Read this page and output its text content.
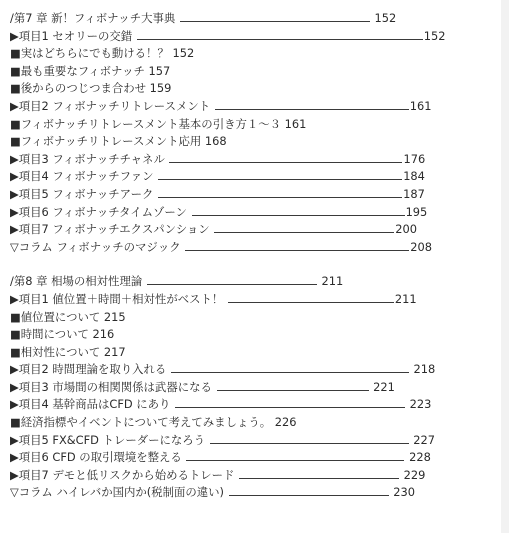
/第7 章 新！フィボナッチ大事典	152
▶項目1 セオリーの交錯	152
■実はどちらにでも動ける！？ 152
■最も重要なフィボナッチ 157
■後からのつじつま合わせ 159
▶項目2 フィボナッチリトレースメント	161
■フィボナッチリトレースメント基本の引き方１～３ 161
■フィボナッチリトレースメント応用 168
▶項目3 フィボナッチチャネル	176
▶項目4 フィボナッチファン	184
▶項目5 フィボナッチアーク	187
▶項目6 フィボナッチタイムゾーン	195
▶項目7 フィボナッチエクスパンション	200
▽コラム フィボナッチのマジック	208
/第8 章 相場の相対性理論	211
▶項目1 値位置＋時間＋相対性がベスト！	211
■値位置について 215
■時間について 216
■相対性について 217
▶項目2 時間理論を取り入れる	218
▶項目3 市場間の相関関係は武器になる	221
▶項目4 基幹商品はCFD にあり	223
■経済指標やイベントについて考えてみましょう。 226
▶項目5 FX&CFD トレーダーになろう	227
▶項目6 CFD の取引環境を整える	228
▶項目7 デモと低リスクから始めるトレード	229
▽コラム ハイレバか国内か(税制面の違い)	230
